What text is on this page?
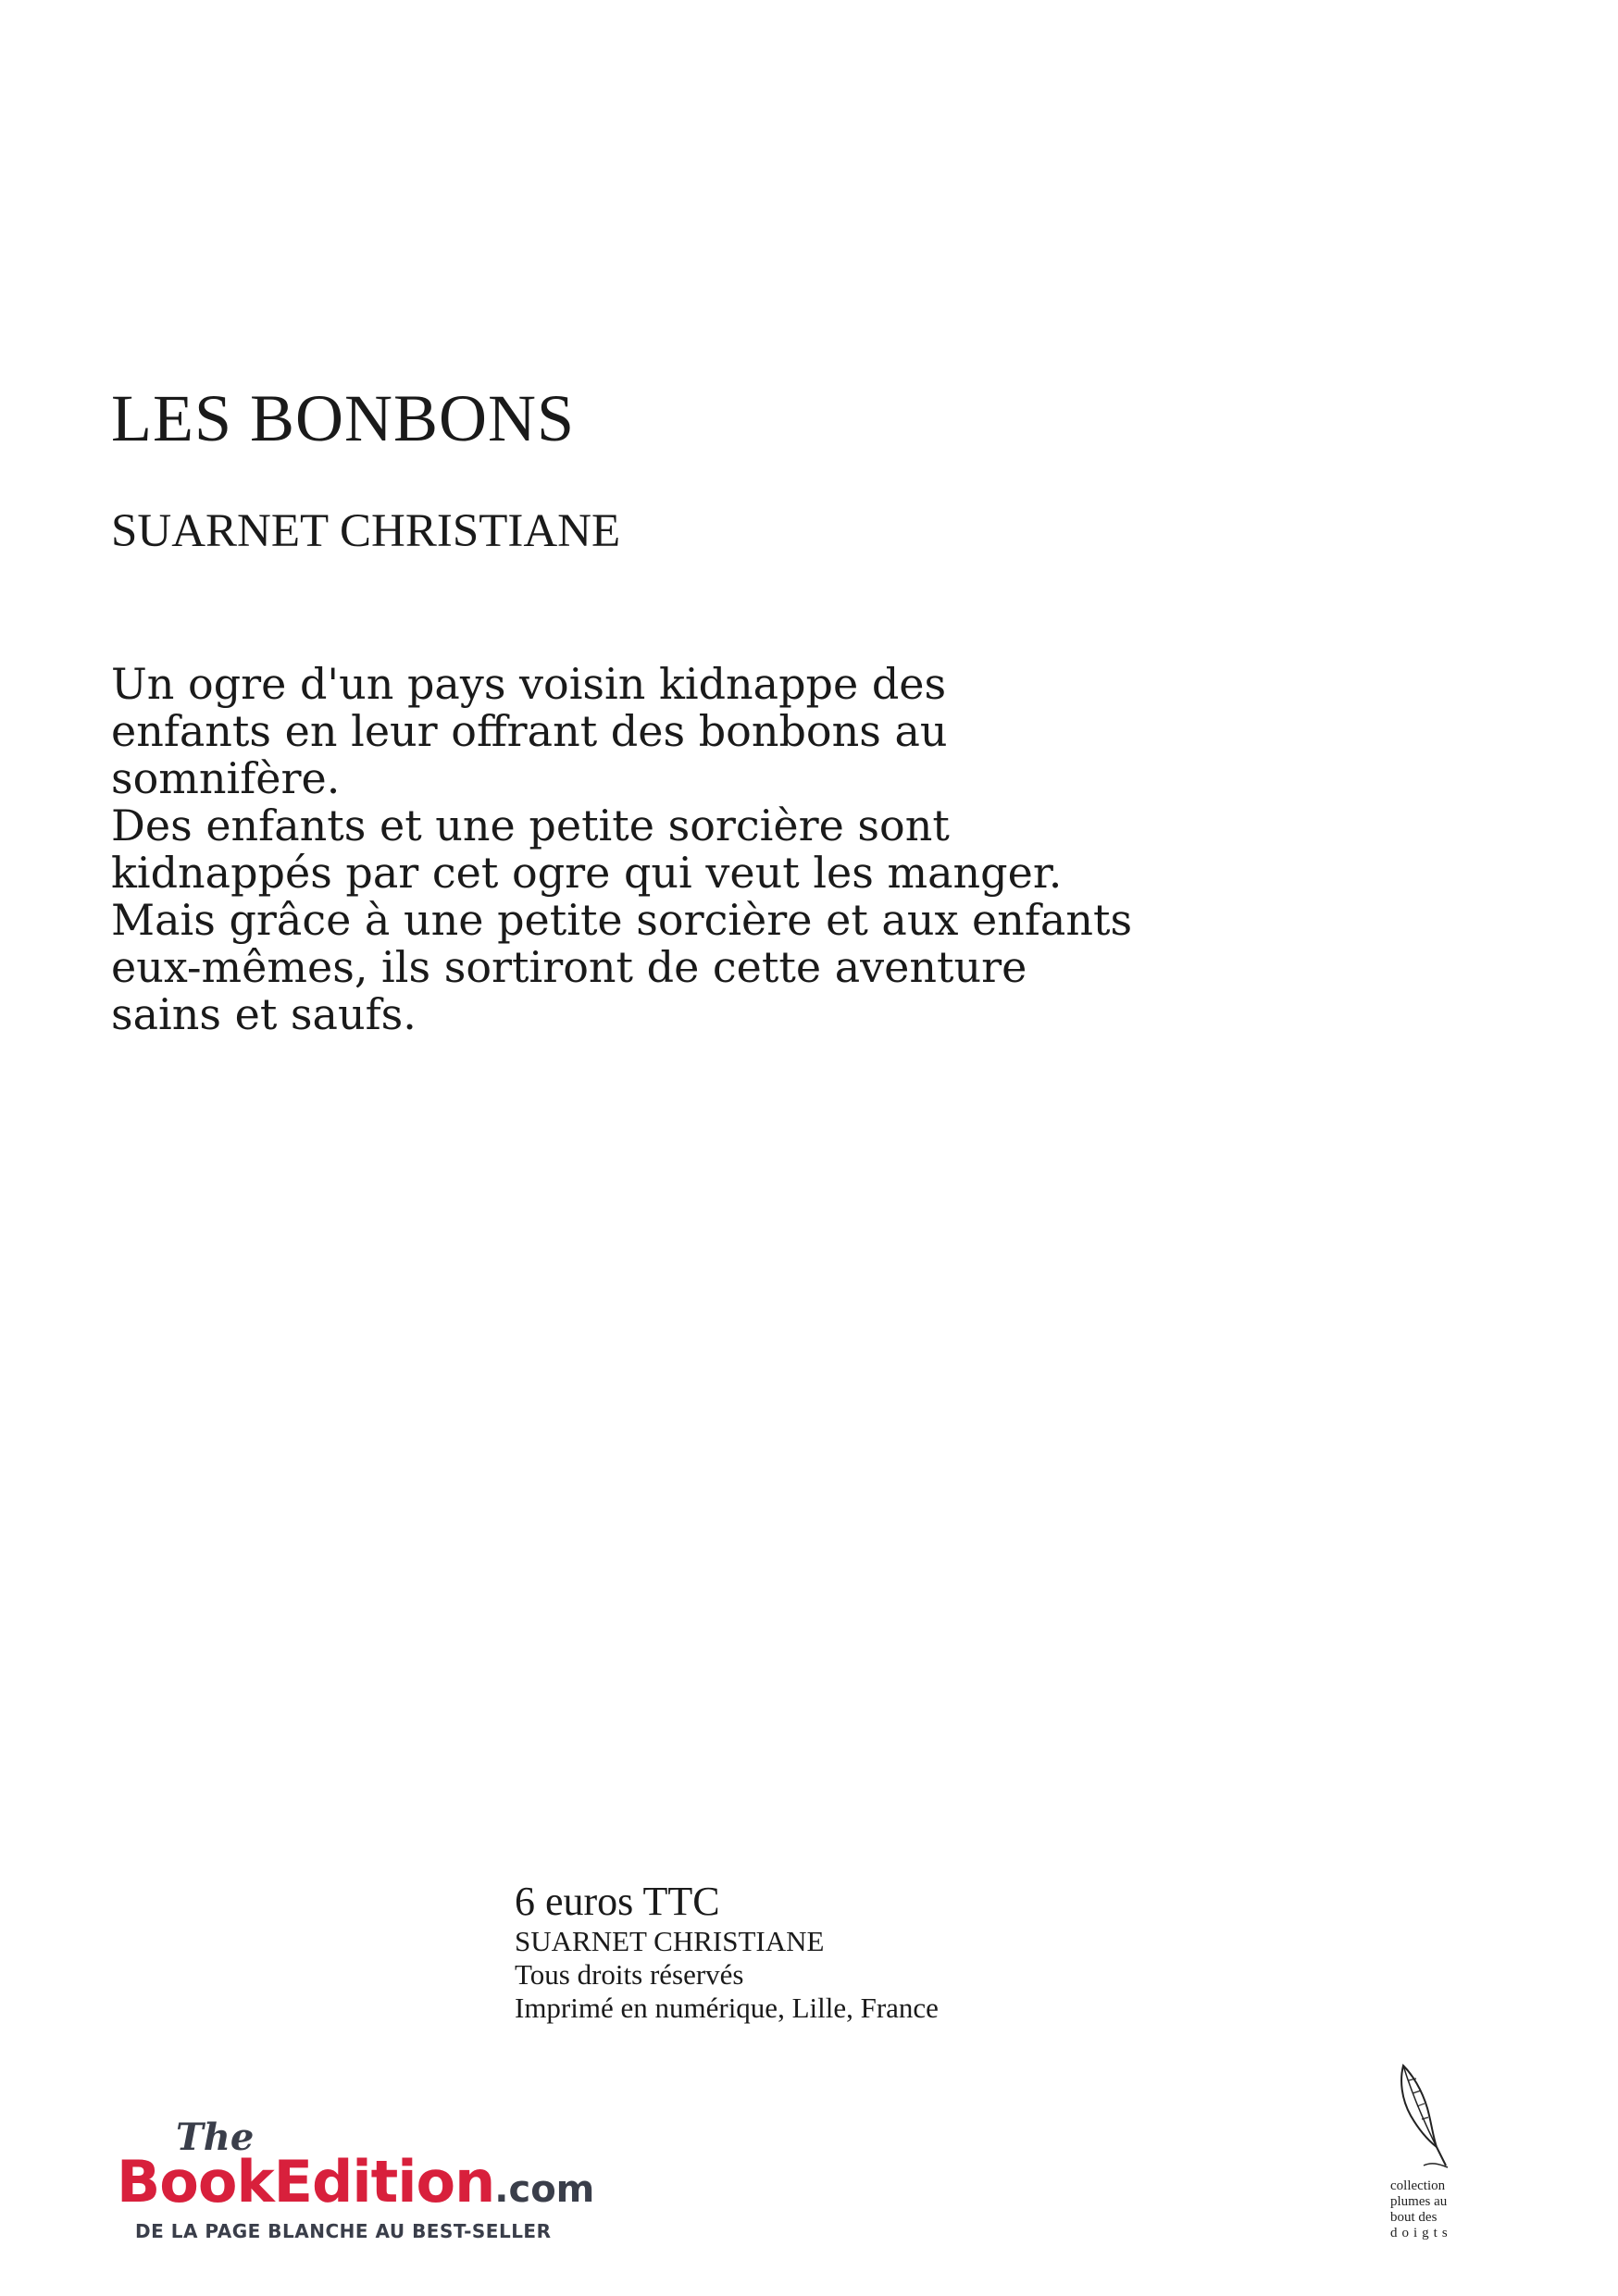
LES BONBONS
SUARNET CHRISTIANE

Un ogre d'un pays voisin kidnappe des
enfants en leur offrant des bonbons au
somnifère.

Des enfants et une petite sorcière sont
kidnappés par cet ogre qui veut les manger.
Mais grâce à une petite sorcière et aux enfants
eux-mêmes, ils sortiront de cette aventure
sains et saufs.

6 euros TTC
SUARNET CHRISTIANE
Tous droits réservés
Imprimé en numérique, Lille, France
The
BookEdition.com
DE LA PAGE BLANCHE AU BEST-SELLER
collection
plumes au
bout des
doigts
